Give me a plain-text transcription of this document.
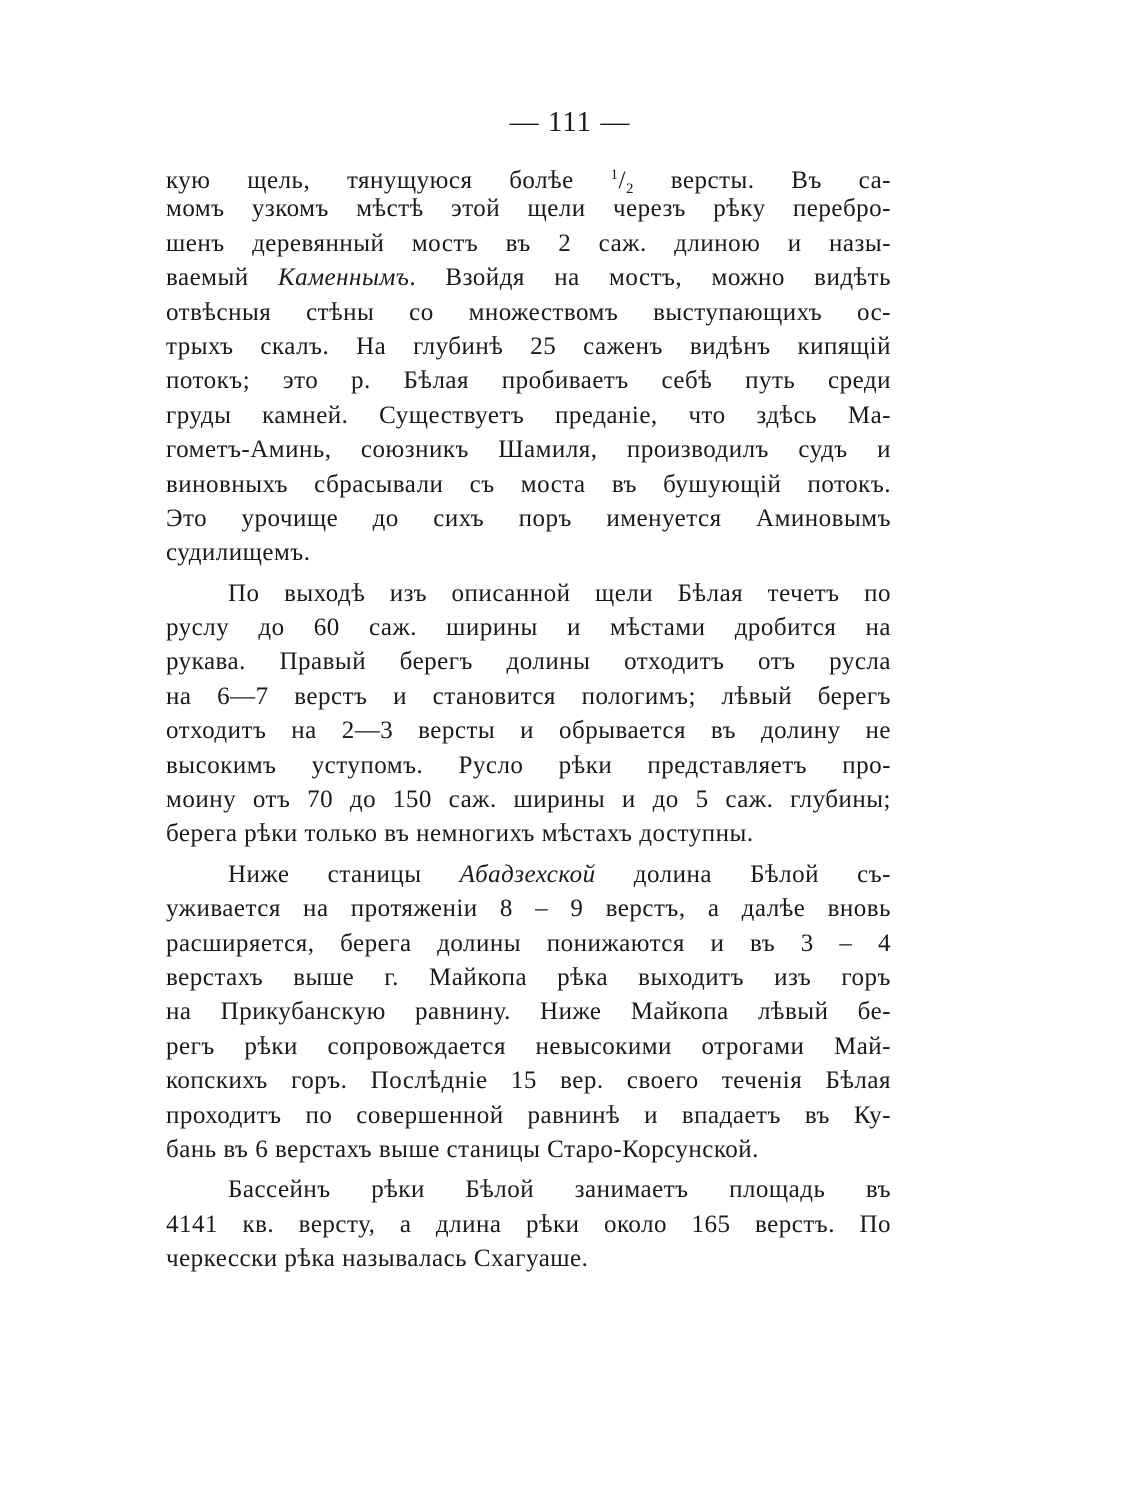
— 111 —
кую щель, тянущуюся болѣе $^1/_2$ версты. Въ са-
момъ узкомъ мѣстѣ этой щели черезъ рѣку перебро-
шенъ деревянный мостъ въ 2 саж. длиною и назы-
ваемый Каменнымъ. Взойдя на мостъ, можно видѣть
отвѣсныя стѣны со множествомъ выступающихъ ос-
трыхъ скалъ. На глубинѣ 25 саженъ видѣнъ кипящій
потокъ; это р. Бѣлая пробиваетъ себѣ путь среди
груды камней. Существуетъ преданіе, что здѣсь Ма-
гометъ-Аминь, союзникъ Шамиля, производилъ судъ и
виновныхъ сбрасывали съ моста въ бушующій потокъ.
Это урочище до сихъ поръ именуется Аминовымъ
судилищемъ.
По выходѣ изъ описанной щели Бѣлая течетъ по
руслу до 60 саж. ширины и мѣстами дробится на
рукава. Правый берегъ долины отходитъ отъ русла
на 6—7 верстъ и становится пологимъ; лѣвый берегъ
отходитъ на 2—3 версты и обрывается въ долину не
высокимъ уступомъ. Русло рѣки представляетъ про-
моину отъ 70 до 150 саж. ширины и до 5 саж. глубины;
берега рѣки только въ немногихъ мѣстахъ доступны.
Ниже станицы Абадзехской долина Бѣлой съ-
уживается на протяженіи 8 – 9 верстъ, а далѣе вновь
расширяется, берега долины понижаются и въ 3 – 4
верстахъ выше г. Майкопа рѣка выходитъ изъ горъ
на Прикубанскую равнину. Ниже Майкопа лѣвый бе-
регъ рѣки сопровождается невысокими отрогами Май-
копскихъ горъ. Послѣдніе 15 вер. своего теченія Бѣлая
проходитъ по совершенной равнинѣ и впадаетъ въ Ку-
бань въ 6 верстахъ выше станицы Старо-Корсунской.
Бассейнъ рѣки Бѣлой занимаетъ площадь въ
4141 кв. версту, а длина рѣки около 165 верстъ. По
черкесски рѣка называлась Схагуаше.
